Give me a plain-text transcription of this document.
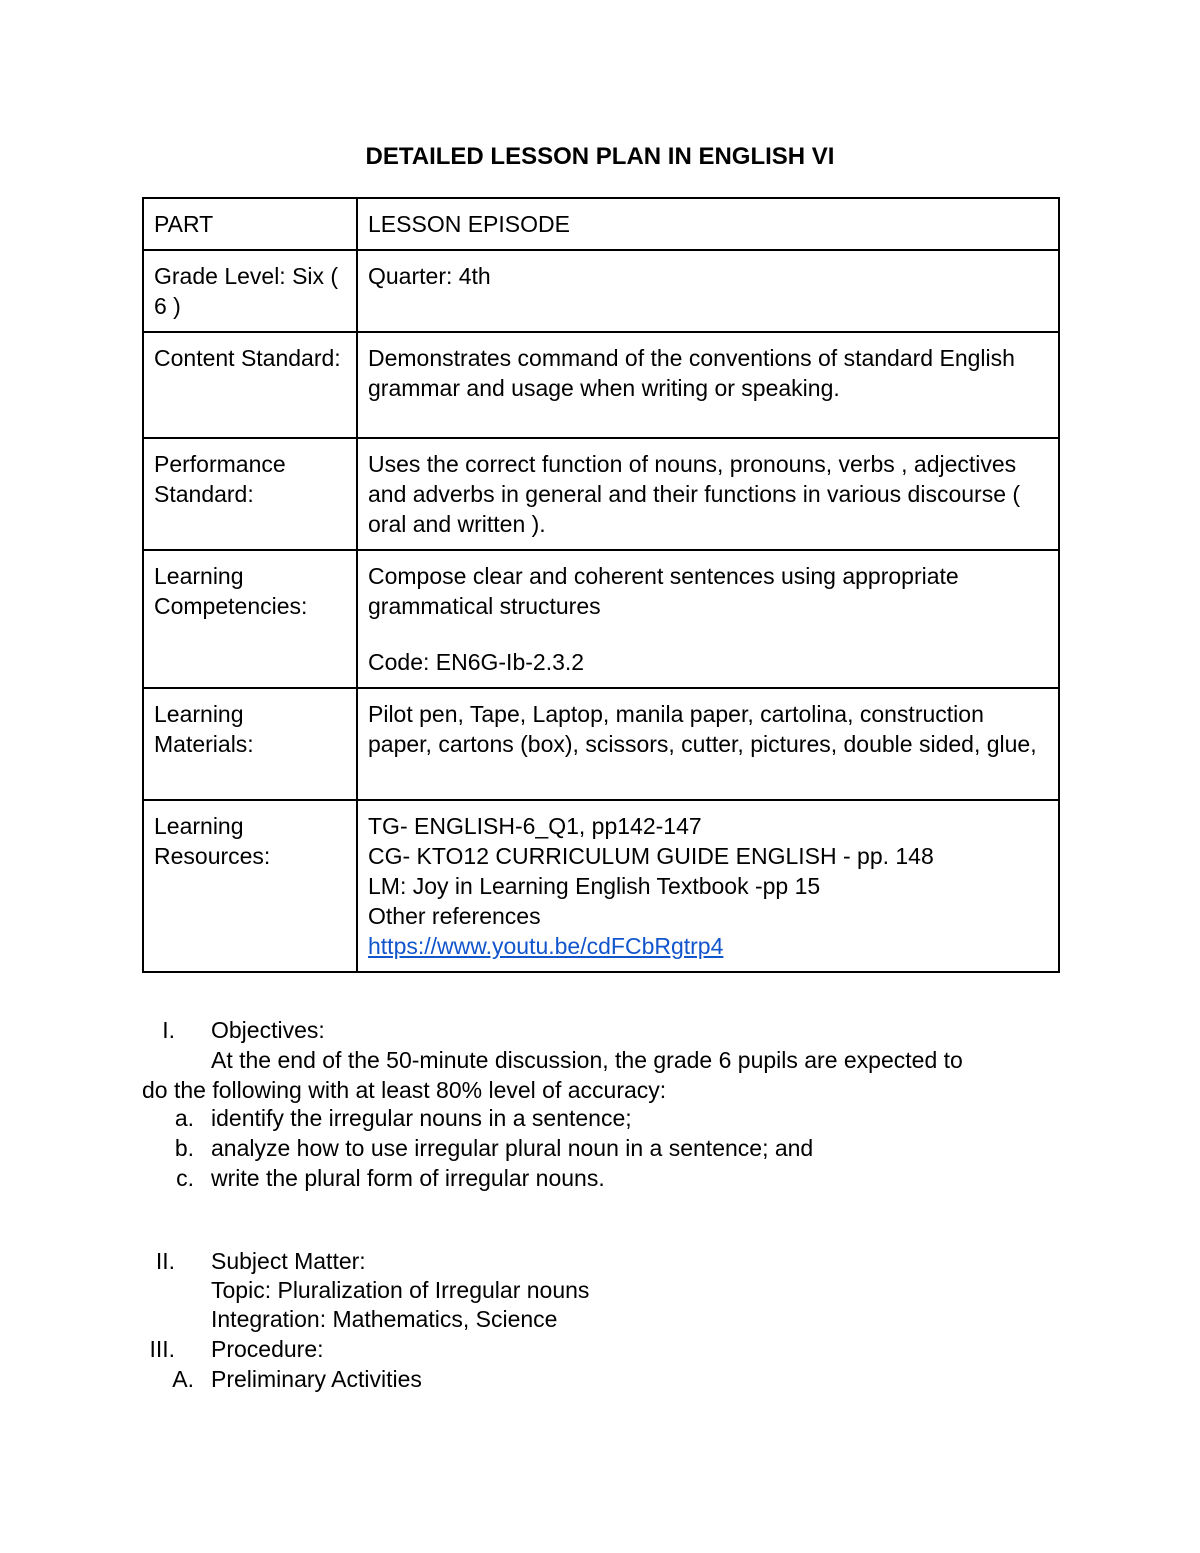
DETAILED LESSON PLAN IN ENGLISH VI
PART	LESSON EPISODE
Grade Level: Six ( 6 )	Quarter: 4th

Content Standard:	Demonstrates command of the conventions of standard English grammar and usage when writing or speaking.

Performance Standard:	Uses the correct function of nouns, pronouns, verbs , adjectives and adverbs in general and their functions in various discourse ( oral and written ).

Learning Competencies:	Compose clear and coherent sentences using appropriate grammatical structures
Code: EN6G-Ib-2.3.2

Learning Materials:	Pilot pen, Tape, Laptop, manila paper, cartolina, construction paper, cartons (box), scissors, cutter, pictures, double sided, glue,

Learning Resources:	TG- ENGLISH-6_Q1, pp142-147
CG- KTO12 CURRICULUM GUIDE ENGLISH - pp. 148
LM: Joy in Learning English Textbook -pp 15
Other references
https://www.youtu.be/cdFCbRgtrp4
I. Objectives:
At the end of the 50-minute discussion, the grade 6 pupils are expected to
do the following with at least 80% level of accuracy:
a. identify the irregular nouns in a sentence;
b. analyze how to use irregular plural noun in a sentence; and
c. write the plural form of irregular nouns.
II. Subject Matter:
Topic: Pluralization of Irregular nouns
Integration: Mathematics, Science
III. Procedure:
A. Preliminary Activities
